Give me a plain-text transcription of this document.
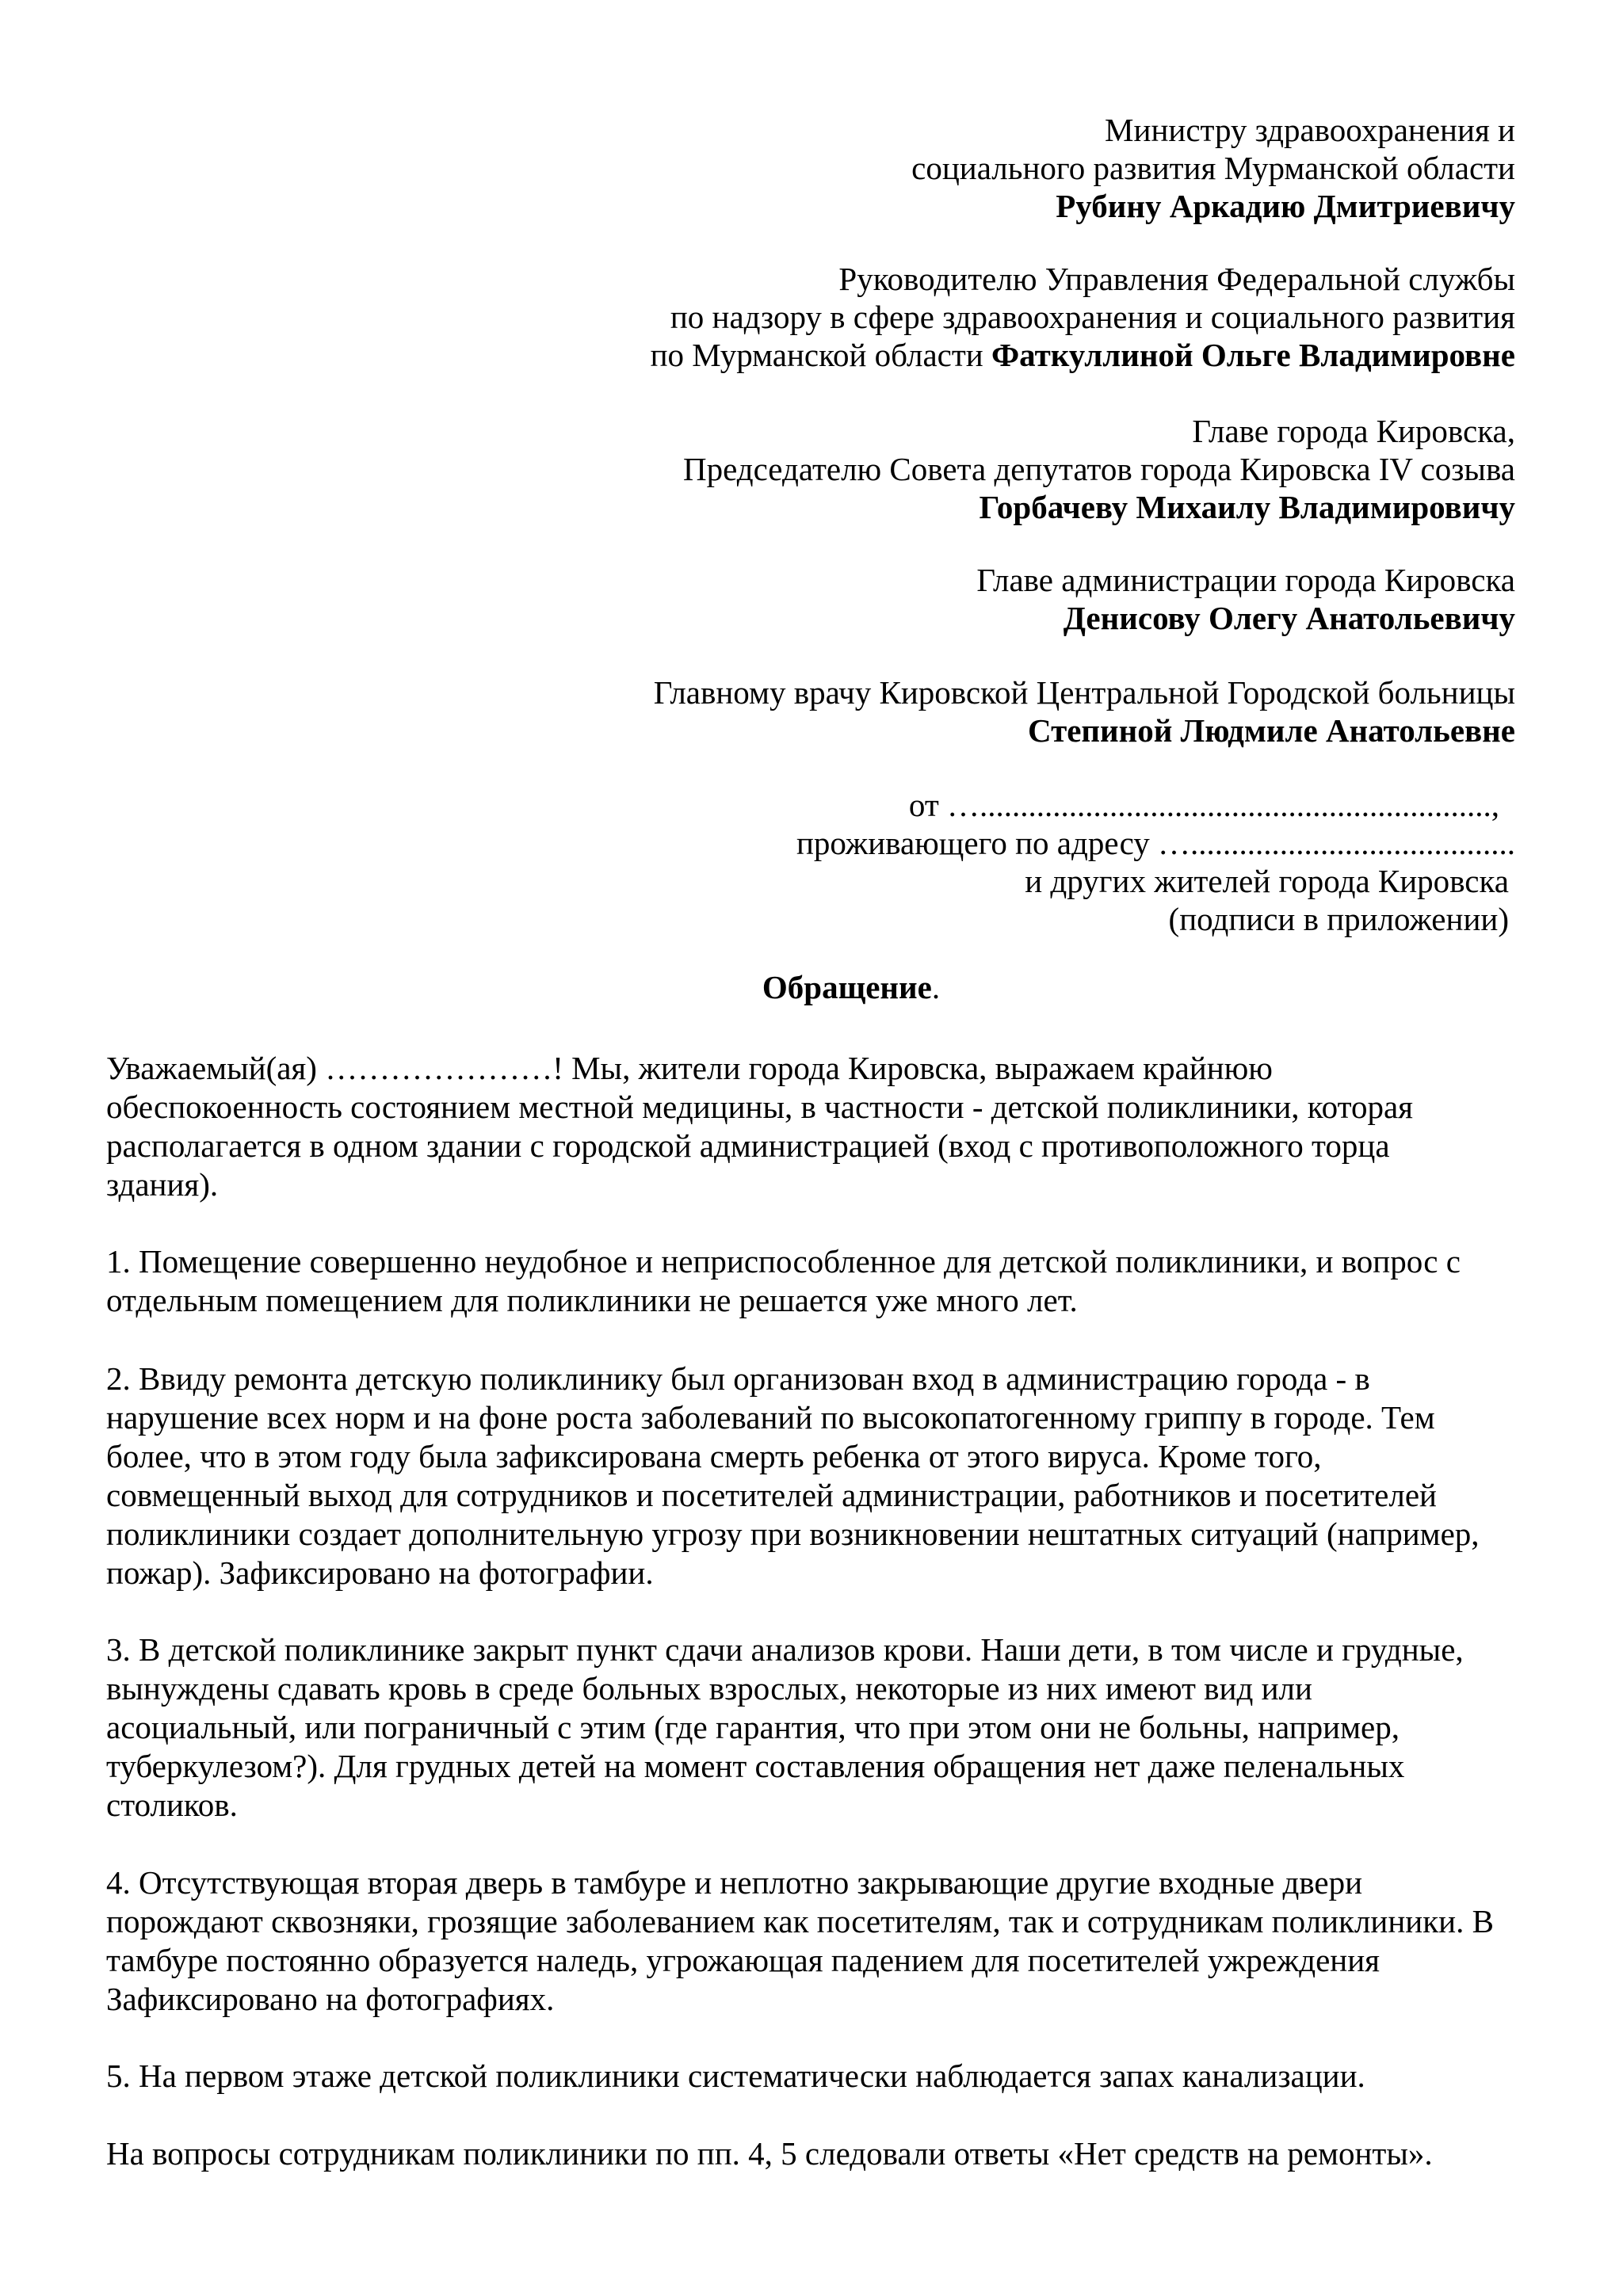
Министру здравоохранения и
социального развития Мурманской области
Рубину Аркадию Дмитриевичу
Руководителю Управления Федеральной службы
по надзору в сфере здравоохранения и социального развития
по Мурманской области Фаткуллиной Ольге Владимировне
Главе города Кировска,
Председателю Совета депутатов города Кировска IV созыва
Горбачеву Михаилу Владимировичу
Главе администрации города Кировска
Денисову Олегу Анатольевичу
Главному врачу Кировской Центральной Городской больницы
Степиной Людмиле Анатольевне
от …...............................................................,
проживающего по адресу …........................................
и других жителей города Кировска
(подписи в приложении)
Обращение.
Уважаемый(ая) …………………! Мы, жители города Кировска, выражаем крайнюю
обеспокоенность состоянием местной медицины, в частности - детской поликлиники, которая
располагается в одном здании с городской администрацией (вход с противоположного торца
здания).
1. Помещение совершенно неудобное и неприспособленное для детской поликлиники, и вопрос с
отдельным помещением для поликлиники не решается уже много лет.
2. Ввиду ремонта детскую поликлинику был организован вход в администрацию города - в
нарушение всех норм и на фоне роста заболеваний по высокопатогенному гриппу в городе. Тем
более, что в этом году была зафиксирована смерть ребенка от этого вируса. Кроме того,
совмещенный выход для сотрудников и посетителей администрации, работников и посетителей
поликлиники создает дополнительную угрозу при возникновении нештатных ситуаций (например,
пожар). Зафиксировано на фотографии.
3. В детской поликлинике закрыт пункт сдачи анализов крови. Наши дети, в том числе и грудные,
вынуждены сдавать кровь в среде больных взрослых, некоторые из них имеют вид или
асоциальный, или пограничный с этим (где гарантия, что при этом они не больны, например,
туберкулезом?). Для грудных детей на момент составления обращения нет даже пеленальных
столиков.
4. Отсутствующая вторая дверь в тамбуре и неплотно закрывающие другие входные двери
порождают сквозняки, грозящие заболеванием как посетителям, так и сотрудникам поликлиники. В
тамбуре постоянно образуется наледь, угрожающая падением для посетителей ужреждения
Зафиксировано на фотографиях.
5. На первом этаже детской поликлиники систематически наблюдается запах канализации.
На вопросы сотрудникам поликлиники по пп. 4, 5 следовали ответы «Нет средств на ремонты».
